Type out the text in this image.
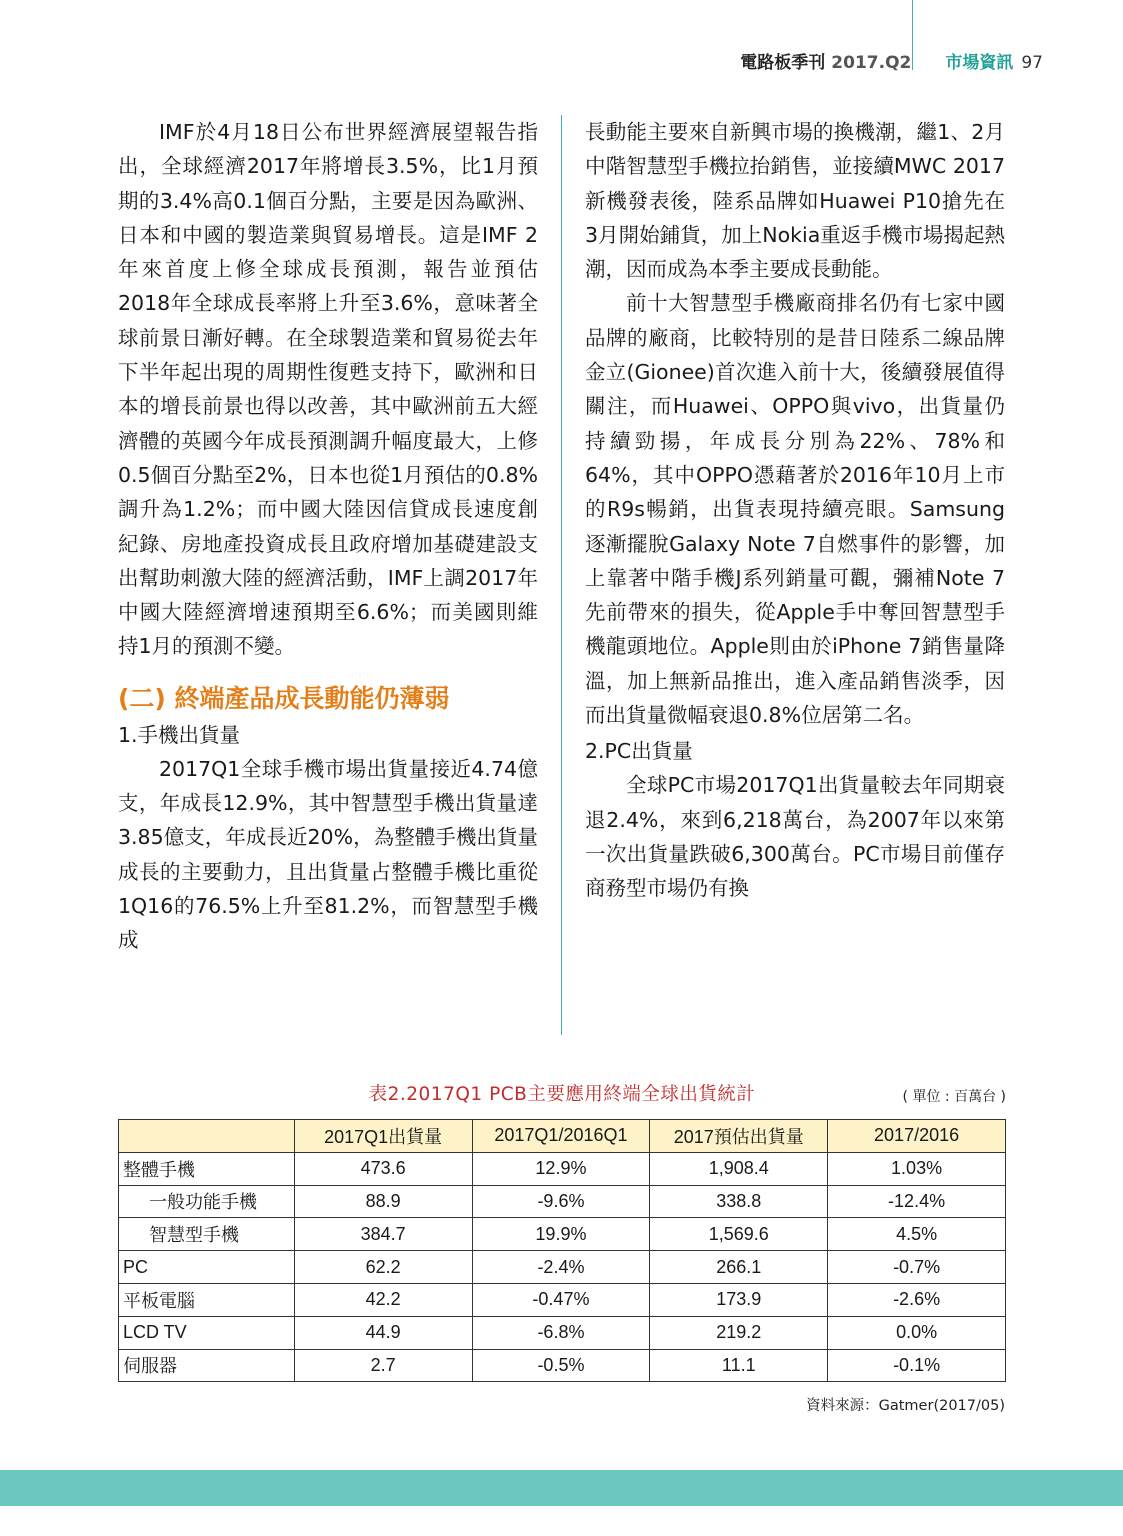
電路板季刊 2017.Q2 市場資訊 97

IMF於4月18日公布世界經濟展望報告指出，全球經濟2017年將增長3.5%，比1月預期的3.4%高0.1個百分點，主要是因為歐洲、日本和中國的製造業與貿易增長。這是IMF 2年來首度上修全球成長預測，報告並預估2018年全球成長率將上升至3.6%，意味著全球前景日漸好轉。在全球製造業和貿易從去年下半年起出現的周期性復甦支持下，歐洲和日本的增長前景也得以改善，其中歐洲前五大經濟體的英國今年成長預測調升幅度最大，上修0.5個百分點至2%，日本也從1月預估的0.8%調升為1.2%；而中國大陸因信貸成長速度創紀錄、房地產投資成長且政府增加基礎建設支出幫助刺激大陸的經濟活動，IMF上調2017年中國大陸經濟增速預期至6.6%；而美國則維持1月的預測不變。

(二) 終端產品成長動能仍薄弱
1.手機出貨量

2017Q1全球手機市場出貨量接近4.74億支，年成長12.9%，其中智慧型手機出貨量達3.85億支，年成長近20%，為整體手機出貨量成長的主要動力，且出貨量占整體手機比重從1Q16的76.5%上升至81.2%，而智慧型手機成

長動能主要來自新興市場的換機潮，繼1、2月中階智慧型手機拉抬銷售，並接續MWC 2017新機發表後，陸系品牌如Huawei P10搶先在3月開始鋪貨，加上Nokia重返手機市場揭起熱潮，因而成為本季主要成長動能。

前十大智慧型手機廠商排名仍有七家中國品牌的廠商，比較特別的是昔日陸系二線品牌金立(Gionee)首次進入前十大，後續發展值得關注，而Huawei、OPPO與vivo，出貨量仍持續勁揚，年成長分別為22%、78%和64%，其中OPPO憑藉著於2016年10月上市的R9s暢銷，出貨表現持續亮眼。Samsung逐漸擺脫Galaxy Note 7自燃事件的影響，加上靠著中階手機J系列銷量可觀，彌補Note 7先前帶來的損失，從Apple手中奪回智慧型手機龍頭地位。Apple則由於iPhone 7銷售量降溫，加上無新品推出，進入產品銷售淡季，因而出貨量微幅衰退0.8%位居第二名。

2.PC出貨量

全球PC市場2017Q1出貨量較去年同期衰退2.4%，來到6,218萬台，為2007年以來第一次出貨量跌破6,300萬台。PC市場目前僅存商務型市場仍有換

表2.2017Q1 PCB主要應用終端全球出貨統計	( 單位 : 百萬台 )
	2017Q1出貨量	2017Q1/2016Q1	2017預估出貨量	2017/2016
整體手機	473.6	12.9%	1,908.4	1.03%
一般功能手機	88.9	-9.6%	338.8	-12.4%
智慧型手機	384.7	19.9%	1,569.6	4.5%
PC	62.2	-2.4%	266.1	-0.7%
平板電腦	42.2	-0.47%	173.9	-2.6%
LCD TV	44.9	-6.8%	219.2	0.0%
伺服器	2.7	-0.5%	11.1	-0.1%
資料來源：Gatmer(2017/05)
